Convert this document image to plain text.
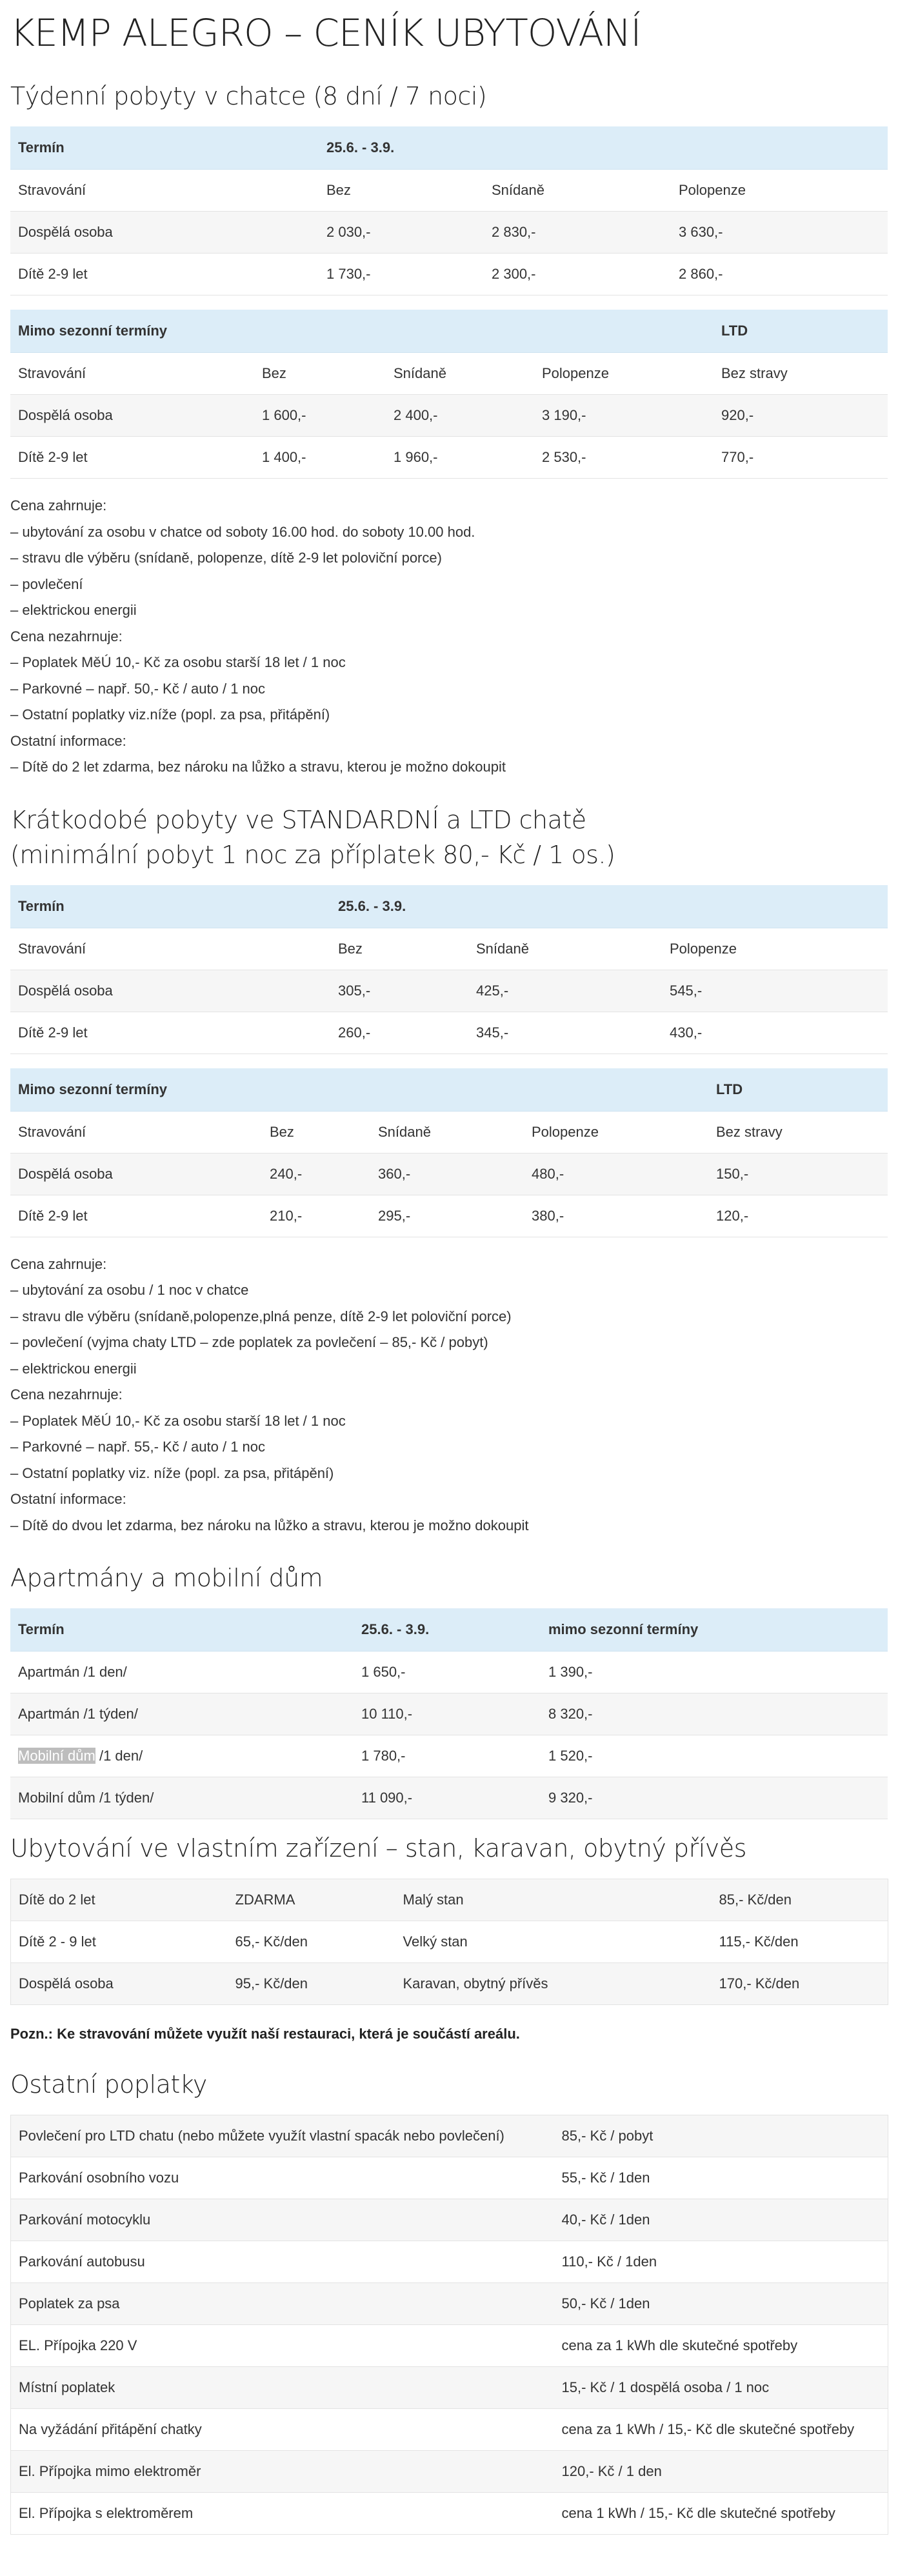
KEMP ALEGRO – CENÍK UBYTOVÁNÍ
Týdenní pobyty v chatce (8 dní / 7 noci)
Termín	25.6. - 3.9.		
Stravování	Bez	Snídaně	Polopenze
Dospělá osoba	2 030,-	2 830,-	3 630,-
Dítě 2-9 let	1 730,-	2 300,-	2 860,-
Mimo sezonní termíny				LTD
Stravování	Bez	Snídaně	Polopenze	Bez stravy
Dospělá osoba	1 600,-	2 400,-	3 190,-	920,-
Dítě 2-9 let	1 400,-	1 960,-	2 530,-	770,-
Cena zahrnuje:
– ubytování za osobu v chatce od soboty 16.00 hod. do soboty 10.00 hod.
– stravu dle výběru (snídaně, polopenze, dítě 2-9 let poloviční porce)
– povlečení
– elektrickou energii
Cena nezahrnuje:
– Poplatek MěÚ 10,- Kč za osobu starší 18 let / 1 noc
– Parkovné – např. 50,- Kč / auto / 1 noc
– Ostatní poplatky viz.níže (popl. za psa, přitápění)
Ostatní informace:
– Dítě do 2 let zdarma, bez nároku na lůžko a stravu, kterou je možno dokoupit
Krátkodobé pobyty ve STANDARDNÍ a LTD chatě
(minimální pobyt 1 noc za příplatek 80,- Kč / 1 os.)
Termín	25.6. - 3.9.		
Stravování	Bez	Snídaně	Polopenze
Dospělá osoba	305,-	425,-	545,-
Dítě 2-9 let	260,-	345,-	430,-
Mimo sezonní termíny				LTD
Stravování	Bez	Snídaně	Polopenze	Bez stravy
Dospělá osoba	240,-	360,-	480,-	150,-
Dítě 2-9 let	210,-	295,-	380,-	120,-
Cena zahrnuje:
– ubytování za osobu / 1 noc v chatce
– stravu dle výběru (snídaně,polopenze,plná penze, dítě 2-9 let poloviční porce)
– povlečení (vyjma chaty LTD – zde poplatek za povlečení – 85,- Kč / pobyt)
– elektrickou energii
Cena nezahrnuje:
– Poplatek MěÚ 10,- Kč za osobu starší 18 let / 1 noc
– Parkovné – např. 55,- Kč / auto / 1 noc
– Ostatní poplatky viz. níže (popl. za psa, přitápění)
Ostatní informace:
– Dítě do dvou let zdarma, bez nároku na lůžko a stravu, kterou je možno dokoupit
Apartmány a mobilní dům
Termín	25.6. - 3.9.	mimo sezonní termíny
Apartmán /1 den/	1 650,-	1 390,-
Apartmán /1 týden/	10 110,-	8 320,-
Mobilní dům /1 den/	1 780,-	1 520,-
Mobilní dům /1 týden/	11 090,-	9 320,-
Ubytování ve vlastním zařízení – stan, karavan, obytný přívěs
Dítě do 2 let	ZDARMA	Malý stan	85,- Kč/den
Dítě 2 - 9 let	65,- Kč/den	Velký stan	115,- Kč/den
Dospělá osoba	95,- Kč/den	Karavan, obytný přívěs	170,- Kč/den
Pozn.: Ke stravování můžete využít naší restauraci, která je součástí areálu.
Ostatní poplatky
Povlečení pro LTD chatu (nebo můžete využít vlastní spacák nebo povlečení)	85,- Kč / pobyt
Parkování osobního vozu	55,- Kč / 1den
Parkování motocyklu	40,- Kč / 1den
Parkování autobusu	110,- Kč / 1den
Poplatek za psa	50,- Kč / 1den
EL. Přípojka 220 V	cena za 1 kWh dle skutečné spotřeby
Místní poplatek	15,- Kč / 1 dospělá osoba / 1 noc
Na vyžádání přitápění chatky	cena za 1 kWh / 15,- Kč dle skutečné spotřeby
El. Přípojka mimo elektroměr	120,- Kč / 1 den
El. Přípojka s elektroměrem	cena 1 kWh / 15,- Kč dle skutečné spotřeby
